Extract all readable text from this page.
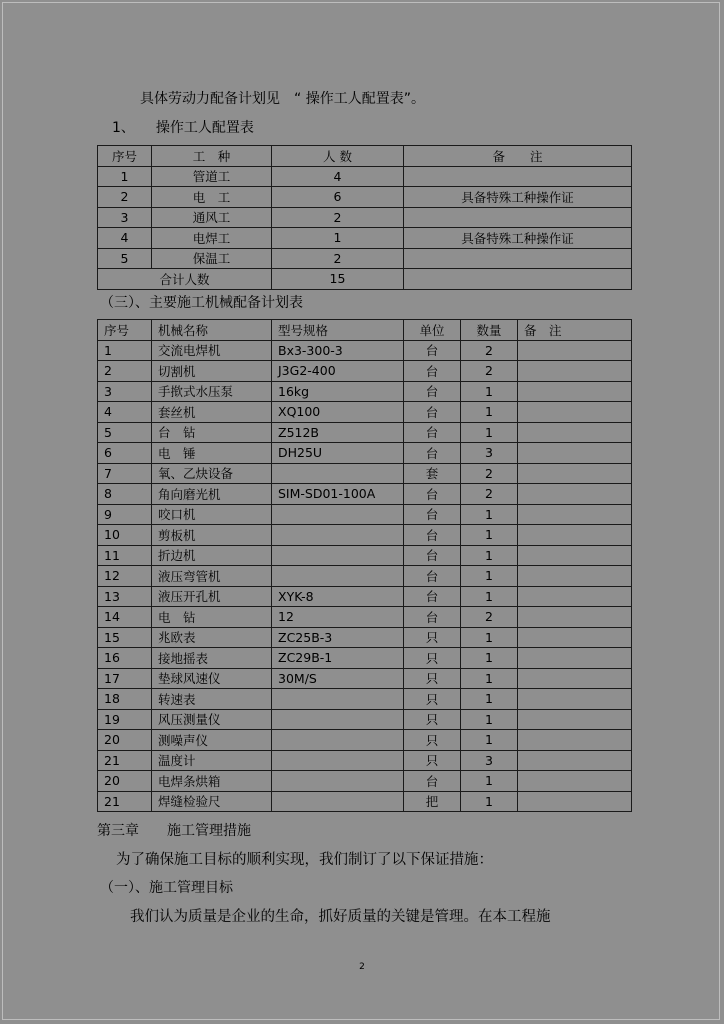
具体劳动力配备计划见　“ 操作工人配置表”。
1、　　操作工人配置表
序号	工　种	人 数	备　　注
1	管道工	4	
2	电　工	6	具备特殊工种操作证
3	通风工	2	
4	电焊工	1	具备特殊工种操作证
5	保温工	2	
合计人数		15	
（三）、主要施工机械配备计划表
序号	机械名称	型号规格	单位	数量	备　注
1	交流电焊机	Bx3-300-3	台	2	
2	切割机	J3G2-400	台	2	
3	手揿式水压泵	16kg	台	1	
4	套丝机	XQ100	台	1	
5	台　钻	Z512B	台	1	
6	电　锤	DH25U	台	3	
7	氧、乙炔设备		套	2	
8	角向磨光机	SIM-SD01-100A	台	2	
9	咬口机		台	1	
10	剪板机		台	1	
11	折边机		台	1	
12	液压弯管机		台	1	
13	液压开孔机	XYK-8	台	1	
14	电　钻	12	台	2	
15	兆欧表	ZC25B-3	只	1	
16	接地摇表	ZC29B-1	只	1	
17	垫球风速仪	30M/S	只	1	
18	转速表		只	1	
19	风压测量仪		只	1	
20	测噪声仪		只	1	
21	温度计		只	3	
20	电焊条烘箱		台	1	
21	焊缝检验尺		把	1	
第三章　　施工管理措施
为了确保施工目标的顺利实现，我们制订了以下保证措施：
（一）、施工管理目标
我们认为质量是企业的生命，抓好质量的关键是管理。在本工程施
2
